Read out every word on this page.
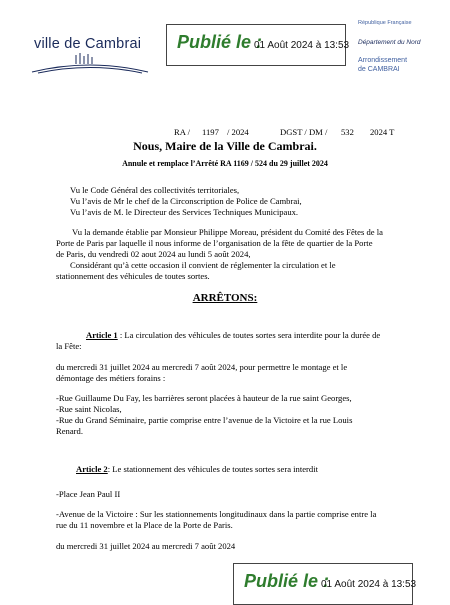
ville de Cambrai Publié le :
01 Août 2024 à 13:53
République Française
Département du Nord
Arrondissement
de CAMBRAI
RA / 1197 / 2024	DGST / DM / 532 2024 T
Nous, Maire de la Ville de Cambrai.
Annule et remplace l’Arrêté RA 1169 / 524 du 29 juillet 2024
Vu le Code Général des collectivités territoriales,
Vu l’avis de Mr le chef de la Circonscription de Police de Cambrai,
Vu l’avis de M. le Directeur des Services Techniques Municipaux.
Vu la demande établie par Monsieur Philippe Moreau, président du Comité des Fêtes de la
Porte de Paris par laquelle il nous informe de l’organisation de la fête de quartier de la Porte
de Paris, du vendredi 02 aout 2024 au lundi 5 août 2024,
Considérant qu’à cette occasion il convient de réglementer la circulation et le
stationnement des véhicules de toutes sortes.
ARRÊTONS:
Article 1 : La circulation des véhicules de toutes sortes sera interdite pour la durée de
la Fête:
du mercredi 31 juillet 2024 au mercredi 7 août 2024, pour permettre le montage et le
démontage des métiers forains :
-Rue Guillaume Du Fay, les barrières seront placées à hauteur de la rue saint Georges,
-Rue saint Nicolas,
-Rue du Grand Séminaire, partie comprise entre l’avenue de la Victoire et la rue Louis
Renard.
Article 2: Le stationnement des véhicules de toutes sortes sera interdit
-Place Jean Paul II
-Avenue de la Victoire : Sur les stationnements longitudinaux dans la partie comprise entre la
rue du 11 novembre et la Place de la Porte de Paris.
du mercredi 31 juillet 2024 au mercredi 7 août 2024
Publié le :
01 Août 2024 à 13:53
